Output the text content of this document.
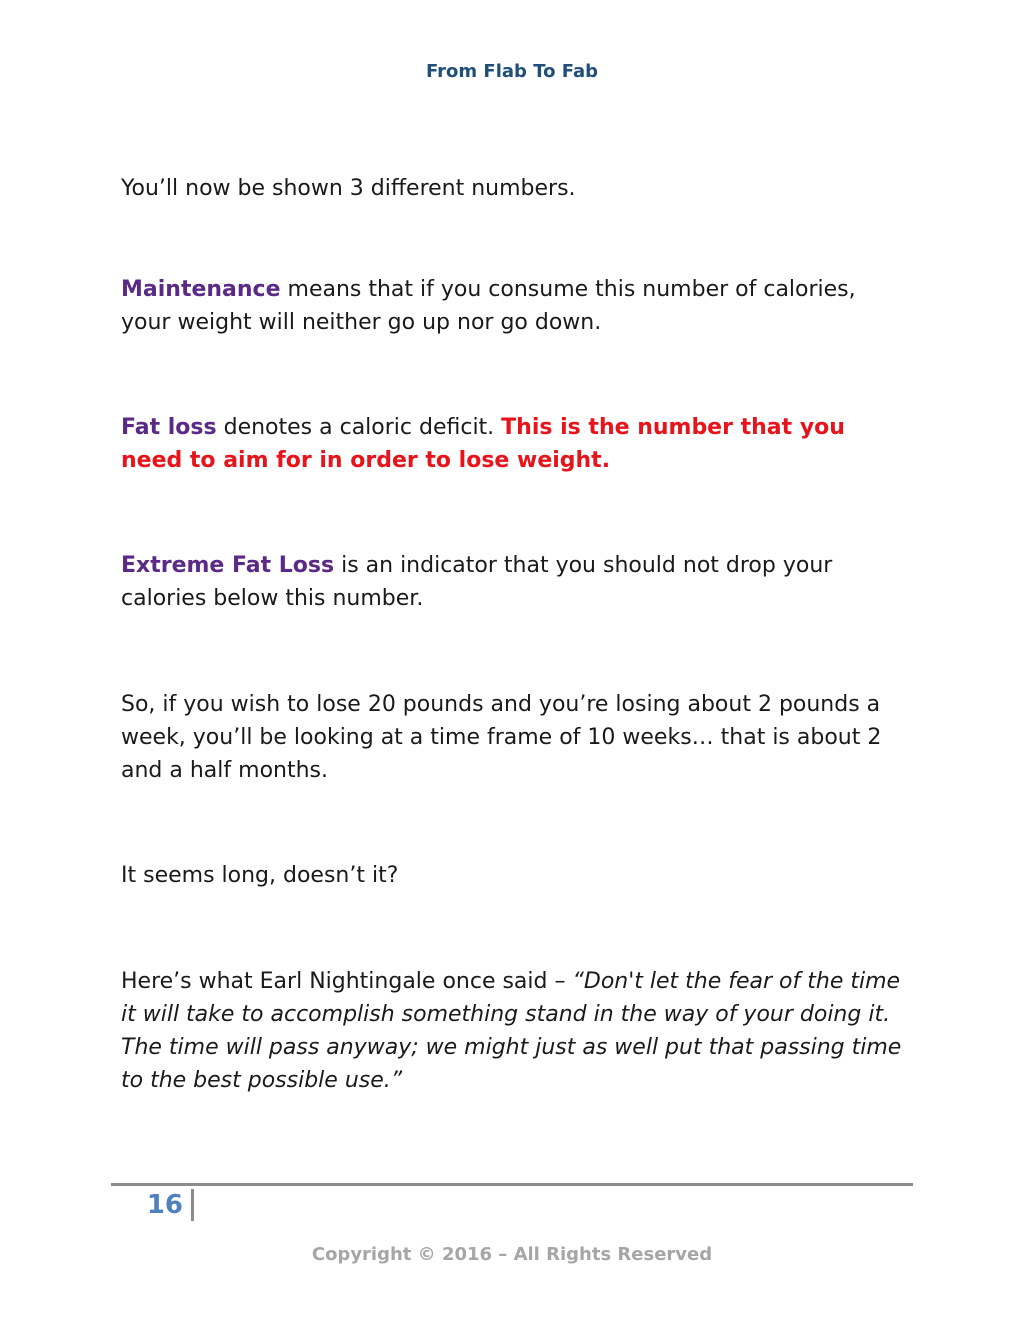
From Flab To Fab

You’ll now be shown 3 different numbers.

Maintenance means that if you consume this number of calories, your weight will neither go up nor go down.

Fat loss denotes a caloric deficit. This is the number that you need to aim for in order to lose weight.

Extreme Fat Loss is an indicator that you should not drop your calories below this number.

So, if you wish to lose 20 pounds and you’re losing about 2 pounds a week, you’ll be looking at a time frame of 10 weeks… that is about 2 and a half months.

It seems long, doesn’t it?

Here’s what Earl Nightingale once said – “Don't let the fear of the time it will take to accomplish something stand in the way of your doing it. The time will pass anyway; we might just as well put that passing time to the best possible use.”

16
Copyright © 2016 – All Rights Reserved
